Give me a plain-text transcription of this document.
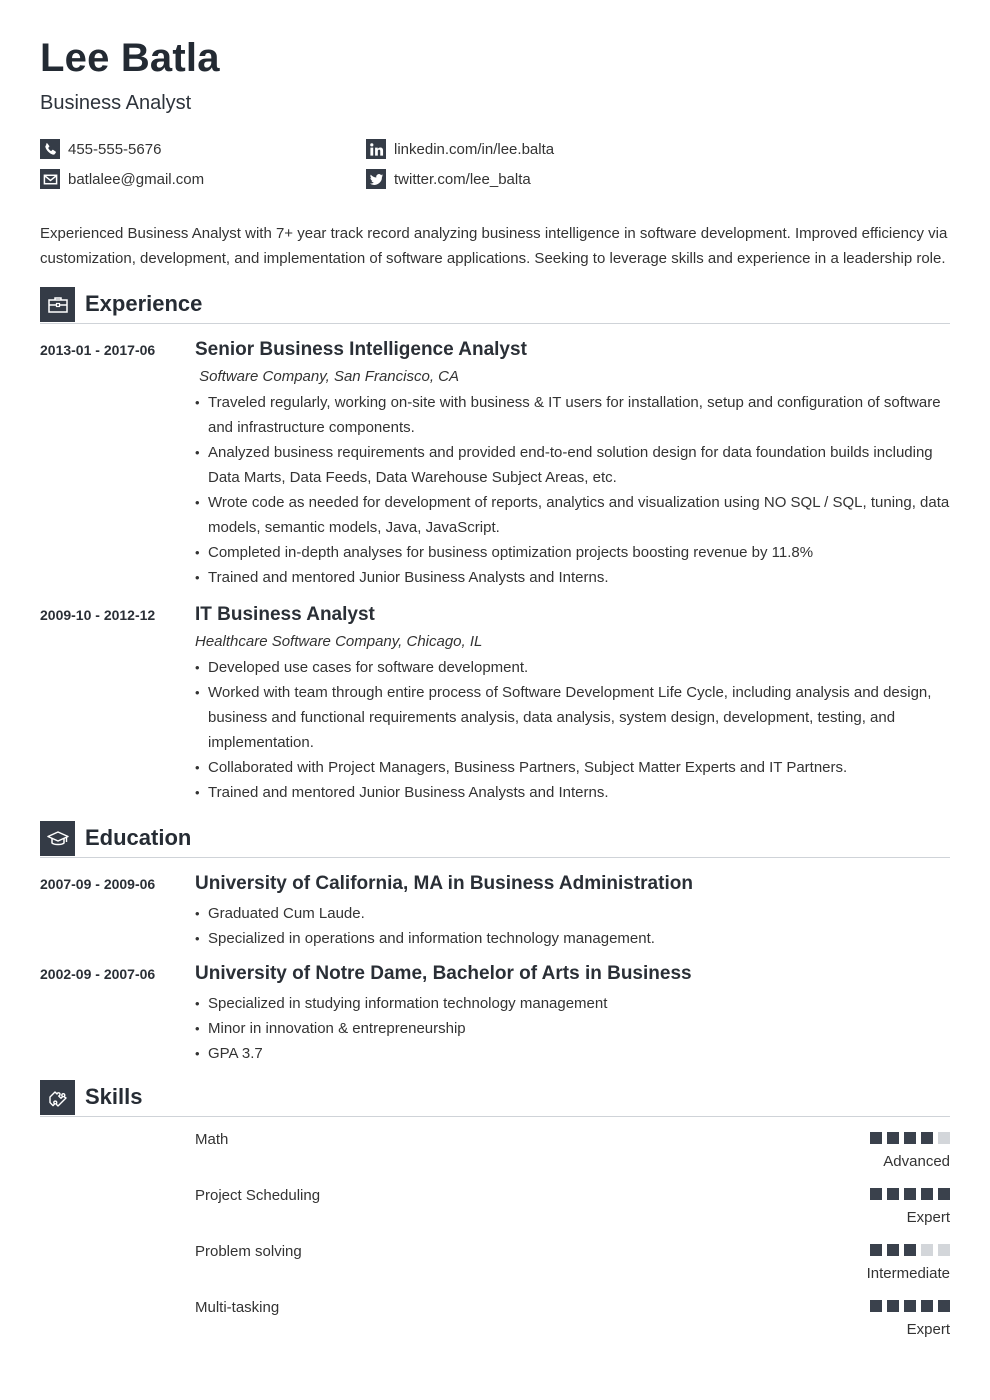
Lee Batla

Business Analyst

455-555-5676
batlalee@gmail.com
linkedin.com/in/lee.balta
twitter.com/lee_balta

Experienced Business Analyst with 7+ year track record analyzing business intelligence in software development. Improved efficiency via customization, development, and implementation of software applications. Seeking to leverage skills and experience in a leadership role.

Experience
2013-01 - 2017-06 Senior Business Intelligence Analyst

Software Company, San Francisco, CA

• Traveled regularly, working on-site with business & IT users for installation, setup and configuration of software and infrastructure components.
• Analyzed business requirements and provided end-to-end solution design for data foundation builds including Data Marts, Data Feeds, Data Warehouse Subject Areas, etc.
• Wrote code as needed for development of reports, analytics and visualization using NO SQL / SQL, tuning, data models, semantic models, Java, JavaScript.
• Completed in-depth analyses for business optimization projects boosting revenue by 11.8%
• Trained and mentored Junior Business Analysts and Interns.
2009-10 - 2012-12 IT Business Analyst

Healthcare Software Company, Chicago, IL

• Developed use cases for software development.
• Worked with team through entire process of Software Development Life Cycle, including analysis and design, business and functional requirements analysis, data analysis, system design, development, testing, and implementation.
• Collaborated with Project Managers, Business Partners, Subject Matter Experts and IT Partners.
• Trained and mentored Junior Business Analysts and Interns.
Education
2007-09 - 2009-06 University of California, MA in Business Administration

• Graduated Cum Laude.
• Specialized in operations and information technology management.
2002-09 - 2007-06 University of Notre Dame, Bachelor of Arts in Business

• Specialized in studying information technology management
• Minor in innovation & entrepreneurship
• GPA 3.7
Skills
Math
Advanced
Project Scheduling
Expert
Problem solving
Intermediate
Multi-tasking
Expert
